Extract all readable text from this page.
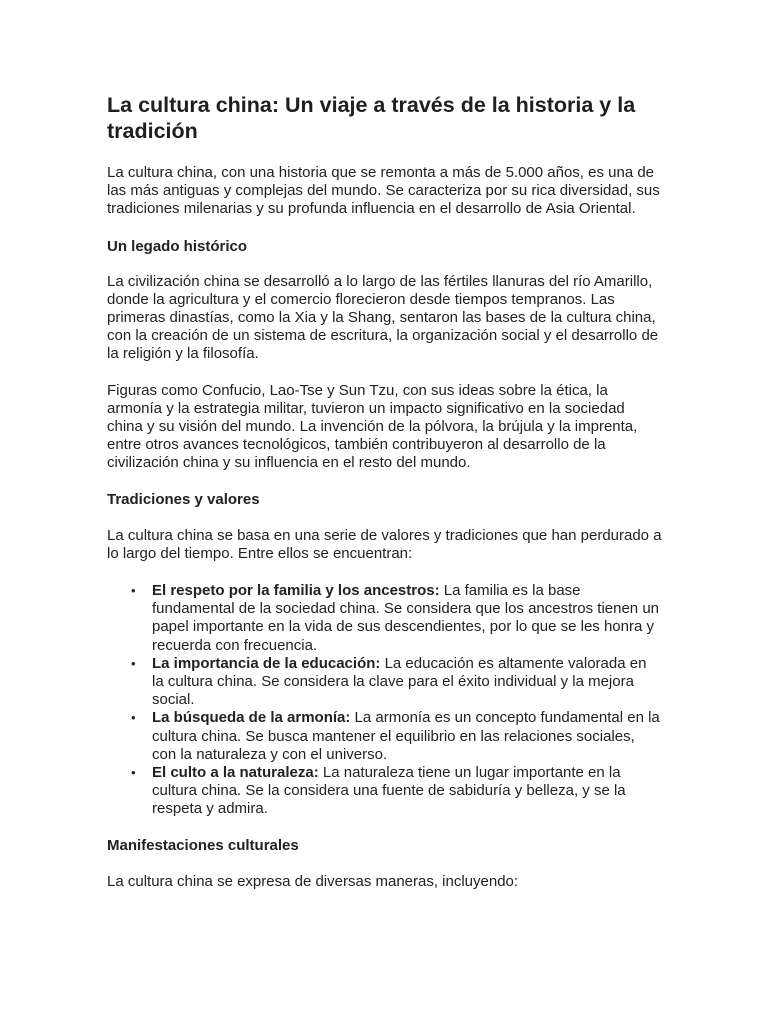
La cultura china: Un viaje a través de la historia y la tradición

La cultura china, con una historia que se remonta a más de 5.000 años, es una de las más antiguas y complejas del mundo. Se caracteriza por su rica diversidad, sus tradiciones milenarias y su profunda influencia en el desarrollo de Asia Oriental.

Un legado histórico

La civilización china se desarrolló a lo largo de las fértiles llanuras del río Amarillo, donde la agricultura y el comercio florecieron desde tiempos tempranos. Las primeras dinastías, como la Xia y la Shang, sentaron las bases de la cultura china, con la creación de un sistema de escritura, la organización social y el desarrollo de la religión y la filosofía.

Figuras como Confucio, Lao-Tse y Sun Tzu, con sus ideas sobre la ética, la armonía y la estrategia militar, tuvieron un impacto significativo en la sociedad china y su visión del mundo. La invención de la pólvora, la brújula y la imprenta, entre otros avances tecnológicos, también contribuyeron al desarrollo de la civilización china y su influencia en el resto del mundo.

Tradiciones y valores

La cultura china se basa en una serie de valores y tradiciones que han perdurado a lo largo del tiempo. Entre ellos se encuentran:

• El respeto por la familia y los ancestros: La familia es la base fundamental de la sociedad china. Se considera que los ancestros tienen un papel importante en la vida de sus descendientes, por lo que se les honra y recuerda con frecuencia.
• La importancia de la educación: La educación es altamente valorada en la cultura china. Se considera la clave para el éxito individual y la mejora social.
• La búsqueda de la armonía: La armonía es un concepto fundamental en la cultura china. Se busca mantener el equilibrio en las relaciones sociales, con la naturaleza y con el universo.
• El culto a la naturaleza: La naturaleza tiene un lugar importante en la cultura china. Se la considera una fuente de sabiduría y belleza, y se la respeta y admira.
Manifestaciones culturales

La cultura china se expresa de diversas maneras, incluyendo:
